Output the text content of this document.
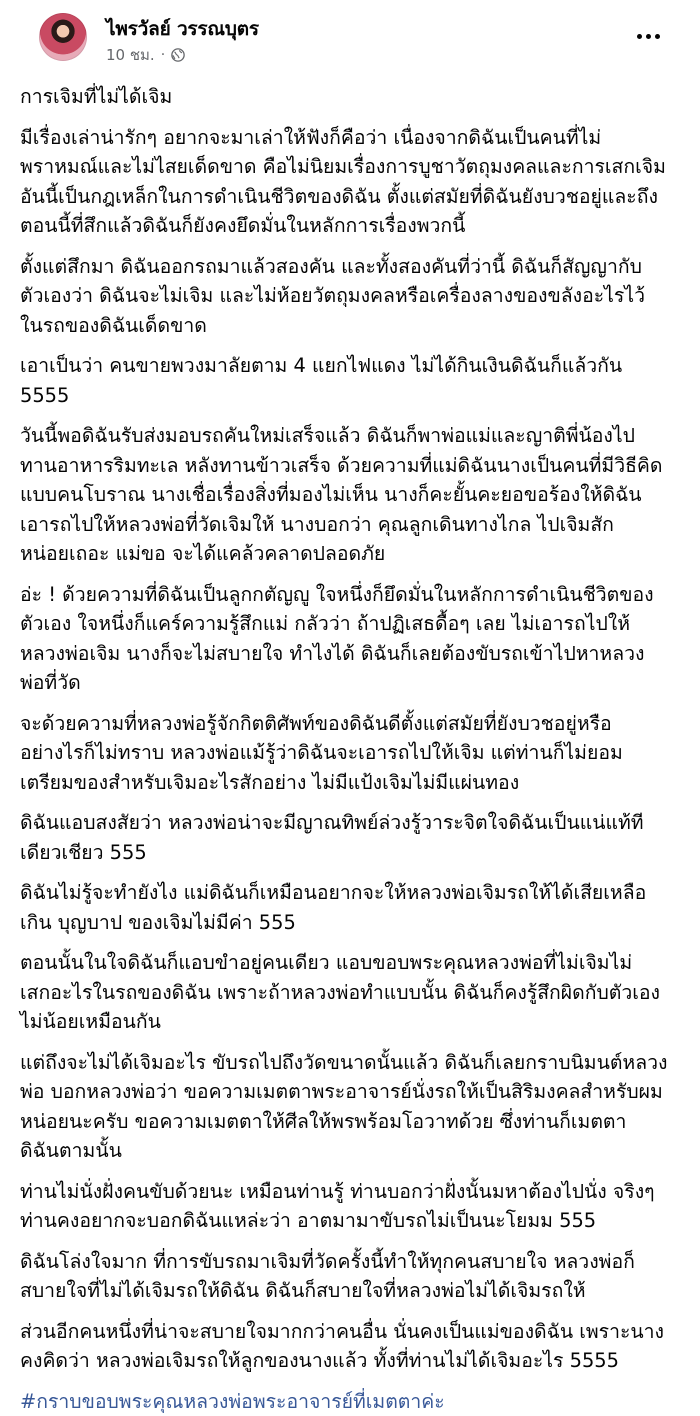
ไพรวัลย์ วรรณบุตร
10 ชม. ·

การเจิมที่ไม่ได้เจิม

มีเรื่องเล่าน่ารักๆ อยากจะมาเล่าให้ฟังก็คือว่า เนื่องจากดิฉันเป็นคนที่ไม่
พราหมณ์และไม่ไสยเด็ดขาด คือไม่นิยมเรื่องการบูชาวัตถุมงคลและการเสกเจิม
อันนี้เป็นกฎเหล็กในการดำเนินชีวิตของดิฉัน ตั้งแต่สมัยที่ดิฉันยังบวชอยู่และถึง
ตอนนี้ที่สึกแล้วดิฉันก็ยังคงยึดมั่นในหลักการเรื่องพวกนี้

ตั้งแต่สึกมา ดิฉันออกรถมาแล้วสองคัน และทั้งสองคันที่ว่านี้ ดิฉันก็สัญญากับ
ตัวเองว่า ดิฉันจะไม่เจิม และไม่ห้อยวัตถุมงคลหรือเครื่องลางของขลังอะไรไว้
ในรถของดิฉันเด็ดขาด

เอาเป็นว่า คนขายพวงมาลัยตาม 4 แยกไฟแดง ไม่ได้กินเงินดิฉันก็แล้วกัน
5555

วันนี้พอดิฉันรับส่งมอบรถคันใหม่เสร็จแล้ว ดิฉันก็พาพ่อแม่และญาติพี่น้องไป
ทานอาหารริมทะเล หลังทานข้าวเสร็จ ด้วยความที่แม่ดิฉันนางเป็นคนที่มีวิธีคิด
แบบคนโบราณ นางเชื่อเรื่องสิ่งที่มองไม่เห็น นางก็คะยั้นคะยอขอร้องให้ดิฉัน
เอารถไปให้หลวงพ่อที่วัดเจิมให้ นางบอกว่า คุณลูกเดินทางไกล ไปเจิมสัก
หน่อยเถอะ แม่ขอ จะได้แคล้วคลาดปลอดภัย

อ่ะ ! ด้วยความที่ดิฉันเป็นลูกกตัญญู ใจหนึ่งก็ยึดมั่นในหลักการดำเนินชีวิตของ
ตัวเอง ใจหนึ่งก็แคร์ความรู้สึกแม่ กลัวว่า ถ้าปฏิเสธดื้อๆ เลย ไม่เอารถไปให้
หลวงพ่อเจิม นางก็จะไม่สบายใจ ทำไงได้ ดิฉันก็เลยต้องขับรถเข้าไปหาหลวง
พ่อที่วัด

จะด้วยความที่หลวงพ่อรู้จักกิตติศัพท์ของดิฉันดีตั้งแต่สมัยที่ยังบวชอยู่หรือ
อย่างไรก็ไม่ทราบ หลวงพ่อแม้รู้ว่าดิฉันจะเอารถไปให้เจิม แต่ท่านก็ไม่ยอม
เตรียมของสำหรับเจิมอะไรสักอย่าง ไม่มีแป้งเจิมไม่มีแผ่นทอง

ดิฉันแอบสงสัยว่า หลวงพ่อน่าจะมีญาณทิพย์ล่วงรู้วาระจิตใจดิฉันเป็นแน่แท้ที
เดียวเชียว 555

ดิฉันไม่รู้จะทำยังไง แม่ดิฉันก็เหมือนอยากจะให้หลวงพ่อเจิมรถให้ได้เสียเหลือ
เกิน บุญบาป ของเจิมไม่มีค่า 555

ตอนนั้นในใจดิฉันก็แอบขำอยู่คนเดียว แอบขอบพระคุณหลวงพ่อที่ไม่เจิมไม่
เสกอะไรในรถของดิฉัน เพราะถ้าหลวงพ่อทำแบบนั้น ดิฉันก็คงรู้สึกผิดกับตัวเอง
ไม่น้อยเหมือนกัน

แต่ถึงจะไม่ได้เจิมอะไร ขับรถไปถึงวัดขนาดนั้นแล้ว ดิฉันก็เลยกราบนิมนต์หลวง
พ่อ บอกหลวงพ่อว่า ขอความเมตตาพระอาจารย์นั่งรถให้เป็นสิริมงคลสำหรับผม
หน่อยนะครับ ขอความเมตตาให้ศีลให้พรพร้อมโอวาทด้วย ซึ่งท่านก็เมตตา
ดิฉันตามนั้น

ท่านไม่นั่งฝั่งคนขับด้วยนะ เหมือนท่านรู้ ท่านบอกว่าฝั่งนั้นมหาต้องไปนั่ง จริงๆ
ท่านคงอยากจะบอกดิฉันแหล่ะว่า อาตมามาขับรถไม่เป็นนะโยมม 555

ดิฉันโล่งใจมาก ที่การขับรถมาเจิมที่วัดครั้งนี้ทำให้ทุกคนสบายใจ หลวงพ่อก็
สบายใจที่ไม่ได้เจิมรถให้ดิฉัน ดิฉันก็สบายใจที่หลวงพ่อไม่ได้เจิมรถให้

ส่วนอีกคนหนึ่งที่น่าจะสบายใจมากกว่าคนอื่น นั่นคงเป็นแม่ของดิฉัน เพราะนาง
คงคิดว่า หลวงพ่อเจิมรถให้ลูกของนางแล้ว ทั้งที่ท่านไม่ได้เจิมอะไร 5555

#กราบขอบพระคุณหลวงพ่อพระอาจารย์ที่เมตตาค่ะ
